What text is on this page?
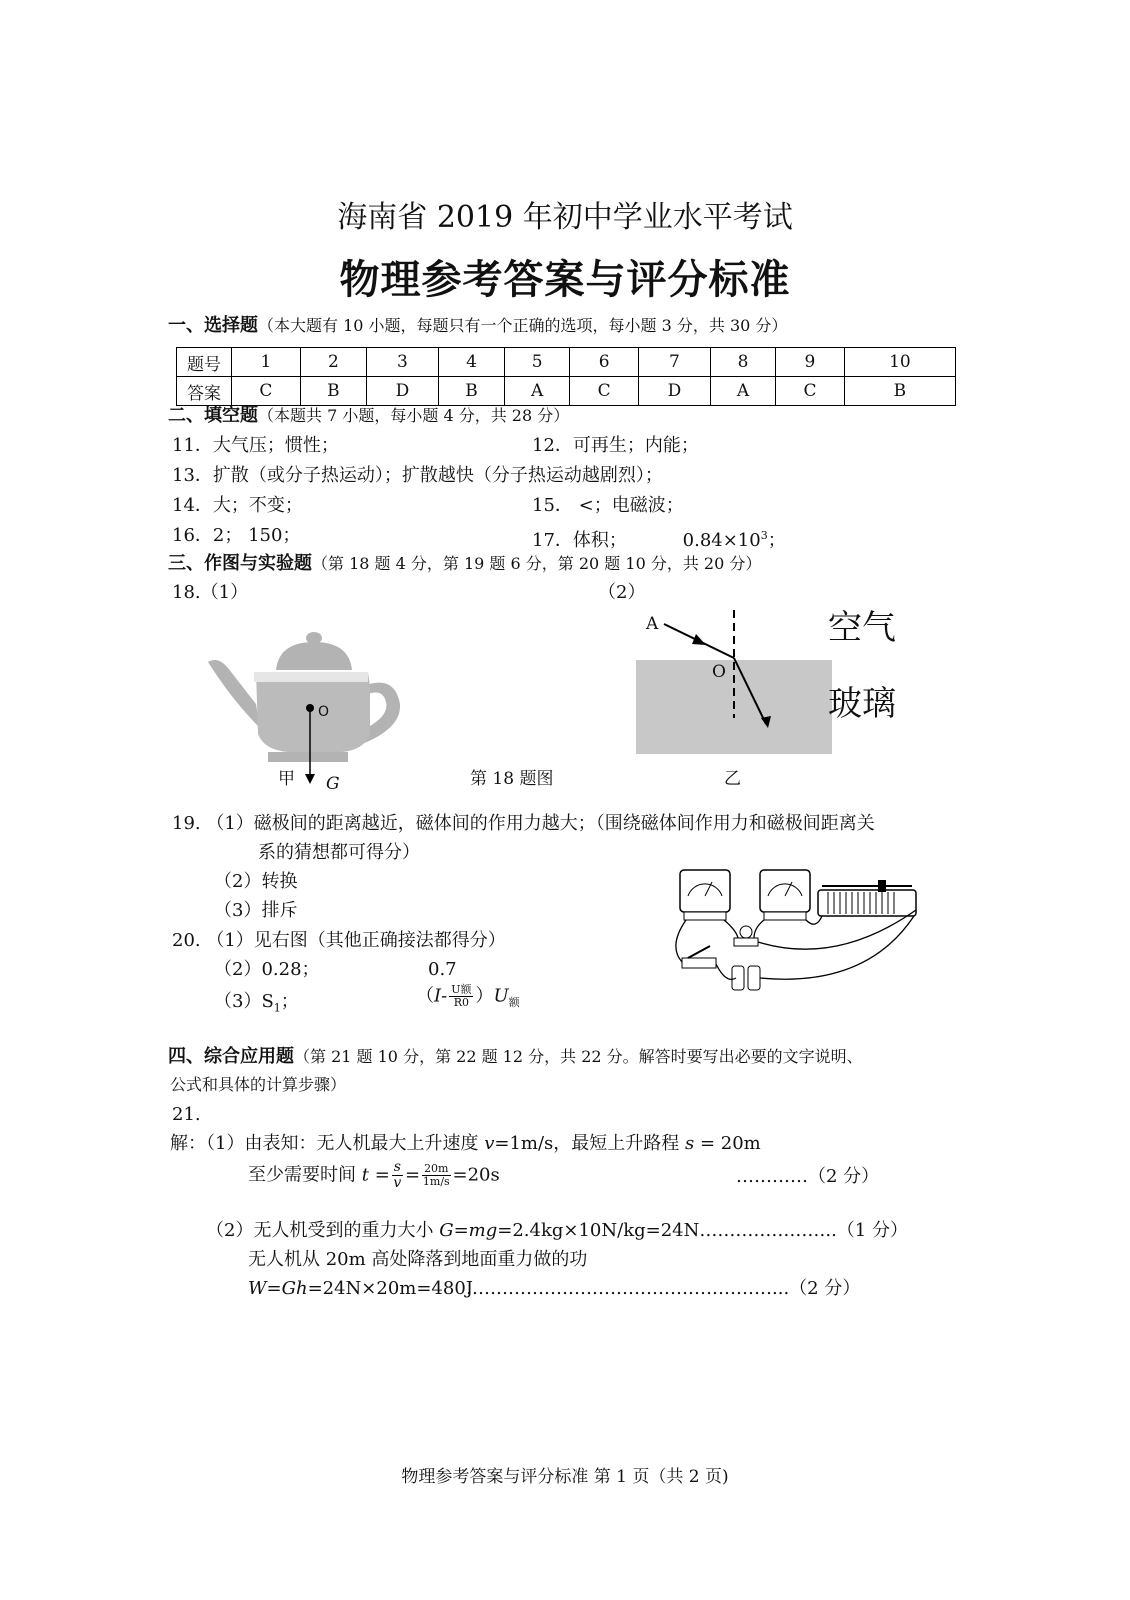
海南省 2019 年初中学业水平考试
物理参考答案与评分标准
一、选择题（本大题有 10 小题，每题只有一个正确的选项，每小题 3 分，共 30 分）
题号	1	2	3	4	5	6	7	8	9	10
答案	C	B	D	B	A	C	D	A	C	B
二、填空题（本题共 7 小题，每小题 4 分，共 28 分）
11．大气压；惯性；	12．可再生；内能；
13．扩散（或分子热运动）；扩散越快（分子热运动越剧烈）；
14．大；不变；	15． <；电磁波；
16．2； 150；	17．体积；	$0.84\times 10^3$；
三、作图与实验题（第 18 题 4 分，第 19 题 6 分，第 20 题 10 分，共 20 分）
18.（1）	（2）
O
甲 G	第 18 题图
A
O
空气
玻璃
乙
19. （1）磁极间的距离越近，磁体间的作用力越大；（围绕磁体间作用力和磁极间距离关
系的猜想都可得分）
（2）转换
（3）排斥
20. （1）见右图（其他正确接法都得分）
（2）0.28；	0.7
$(3)S_1$；	$(I- \frac{\text{U额}}{R0} )U_额$
四、综合应用题（第 21 题 10 分，第 22 题 12 分，共 22 分。解答时要写出必要的文字说明、
公式和具体的计算步骤）
21.
解：（1）由表知：无人机最大上升速度 v=1m/s，最短上升路程 s = 20m
至少需要时间 $t = \frac{s}{v} = \frac{20m}{1m/s} =20s$	…………（2 分）
（2）无人机受到的重力大小 G=mg=2.4kg×10N/kg=24N…………………..（1 分）
无人机从 20m 高处降落到地面重力做的功
W=Gh=24N×20m=480J
……………………………………………...（2 分）
物理参考答案与评分标准 第 1 页（共 2 页)
